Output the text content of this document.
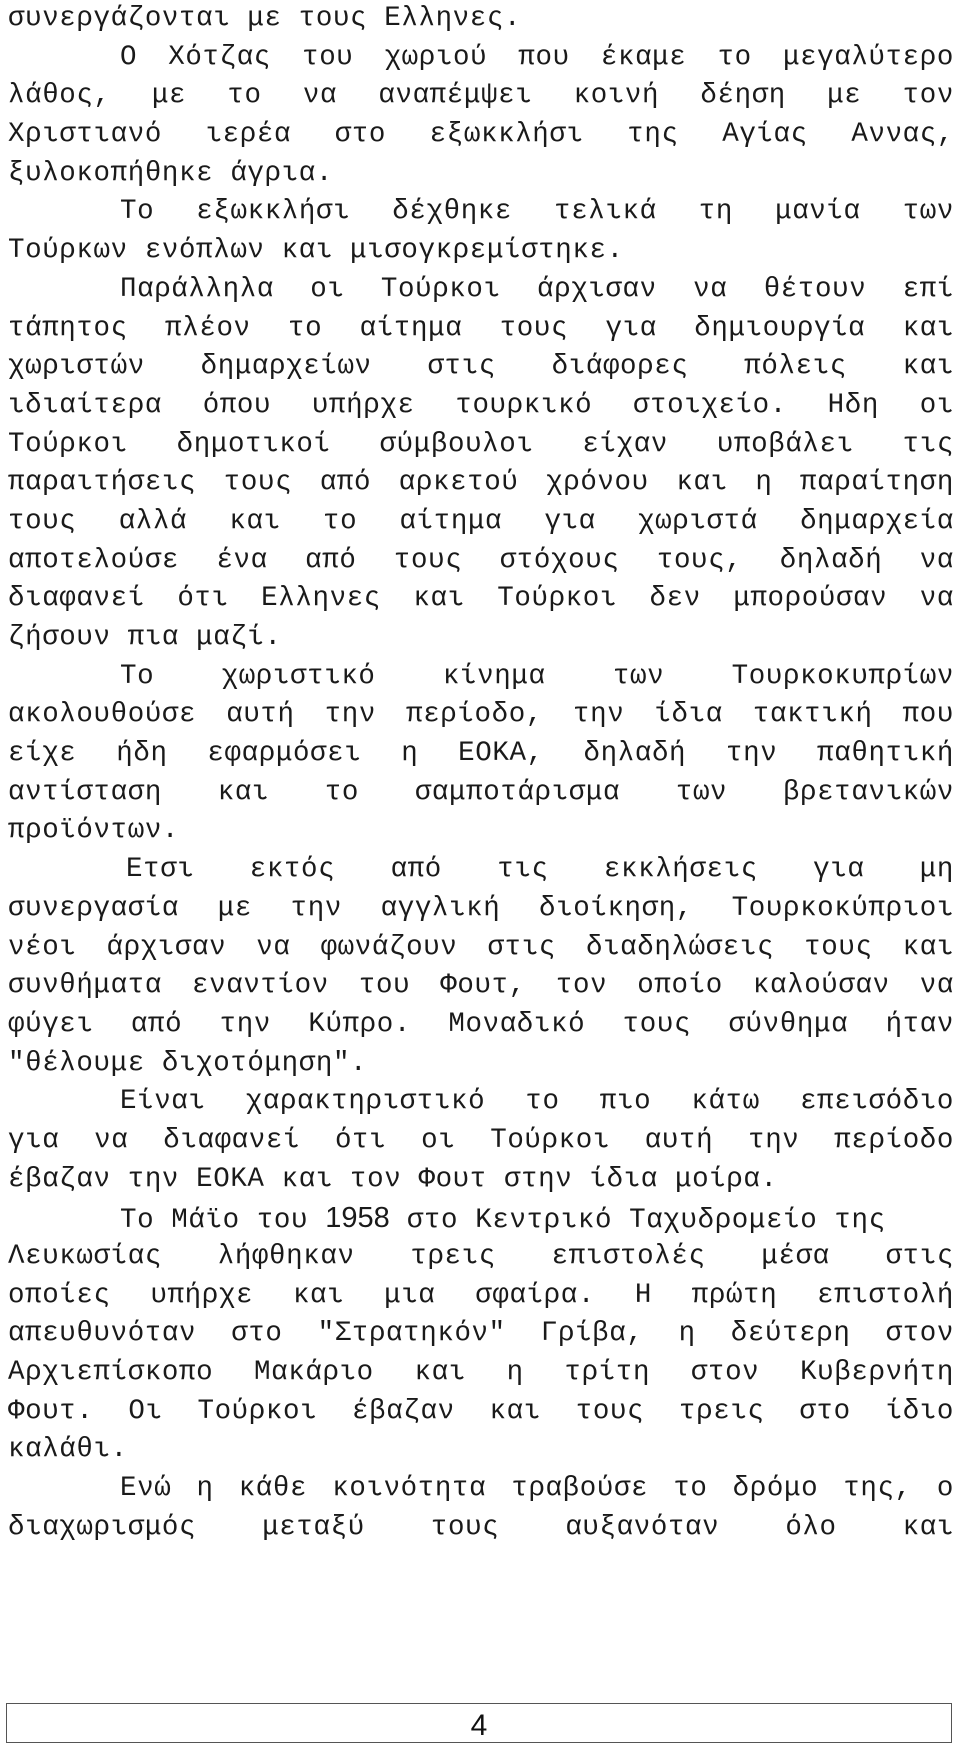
συνεργάζονται με τους Ελληνες.
Ο Χότζας του χωριού που έκαμε το μεγαλύτερο
λάθος, με το να αναπέμψει κοινή δέηση με τον
Χριστιανό ιερέα στο εξωκκλήσι της Αγίας Αννας,
ξυλοκοπήθηκε άγρια.
Το εξωκκλήσι δέχθηκε τελικά τη μανία των
Τούρκων ενόπλων και μισογκρεμίστηκε.
Παράλληλα οι Τούρκοι άρχισαν να θέτουν επί
τάπητος πλέον το αίτημα τους για δημιουργία και
χωριστών δημαρχείων στις διάφορες πόλεις και
ιδιαίτερα όπου υπήρχε τουρκικό στοιχείο. Ηδη οι
Τούρκοι δημοτικοί σύμβουλοι είχαν υποβάλει τις
παραιτήσεις τους από αρκετού χρόνου και η παραίτηση
τους αλλά και το αίτημα για χωριστά δημαρχεία
αποτελούσε ένα από τους στόχους τους, δηλαδή να
διαφανεί ότι Ελληνες και Τούρκοι δεν μπορούσαν να
ζήσουν πια μαζί.
Το χωριστικό κίνημα των Τουρκοκυπρίων
ακολουθούσε αυτή την περίοδο, την ίδια τακτική που
είχε ήδη εφαρμόσει η ΕΟΚΑ, δηλαδή την παθητική
αντίσταση και το σαμποτάρισμα των βρετανικών
προϊόντων.
Ετσι εκτός από τις εκκλήσεις για μη
συνεργασία με την αγγλική διοίκηση, Τουρκοκύπριοι
νέοι άρχισαν να φωνάζουν στις διαδηλώσεις τους και
συνθήματα εναντίον του Φουτ, τον οποίο καλούσαν να
φύγει από την Κύπρο. Μοναδικό τους σύνθημα ήταν
"θέλουμε διχοτόμηση".
Είναι χαρακτηριστικό το πιο κάτω επεισόδιο
για να διαφανεί ότι οι Τούρκοι αυτή την περίοδο
έβαζαν την ΕΟΚΑ και τον Φουτ στην ίδια μοίρα.
Το Μάϊο του 1958 στο Κεντρικό Ταχυδρομείο της
Λευκωσίας λήφθηκαν τρεις επιστολές μέσα στις
οποίες υπήρχε και μια σφαίρα. Η πρώτη επιστολή
απευθυνόταν στο "Στρατηκόν" Γρίβα, η δεύτερη στον
Αρχιεπίσκοπο Μακάριο και η τρίτη στον Κυβερνήτη
Φουτ. Οι Τούρκοι έβαζαν και τους τρεις στο ίδιο
καλάθι.
Ενώ η κάθε κοινότητα τραβούσε το δρόμο της, ο
διαχωρισμός μεταξύ τους αυξανόταν όλο και
4
